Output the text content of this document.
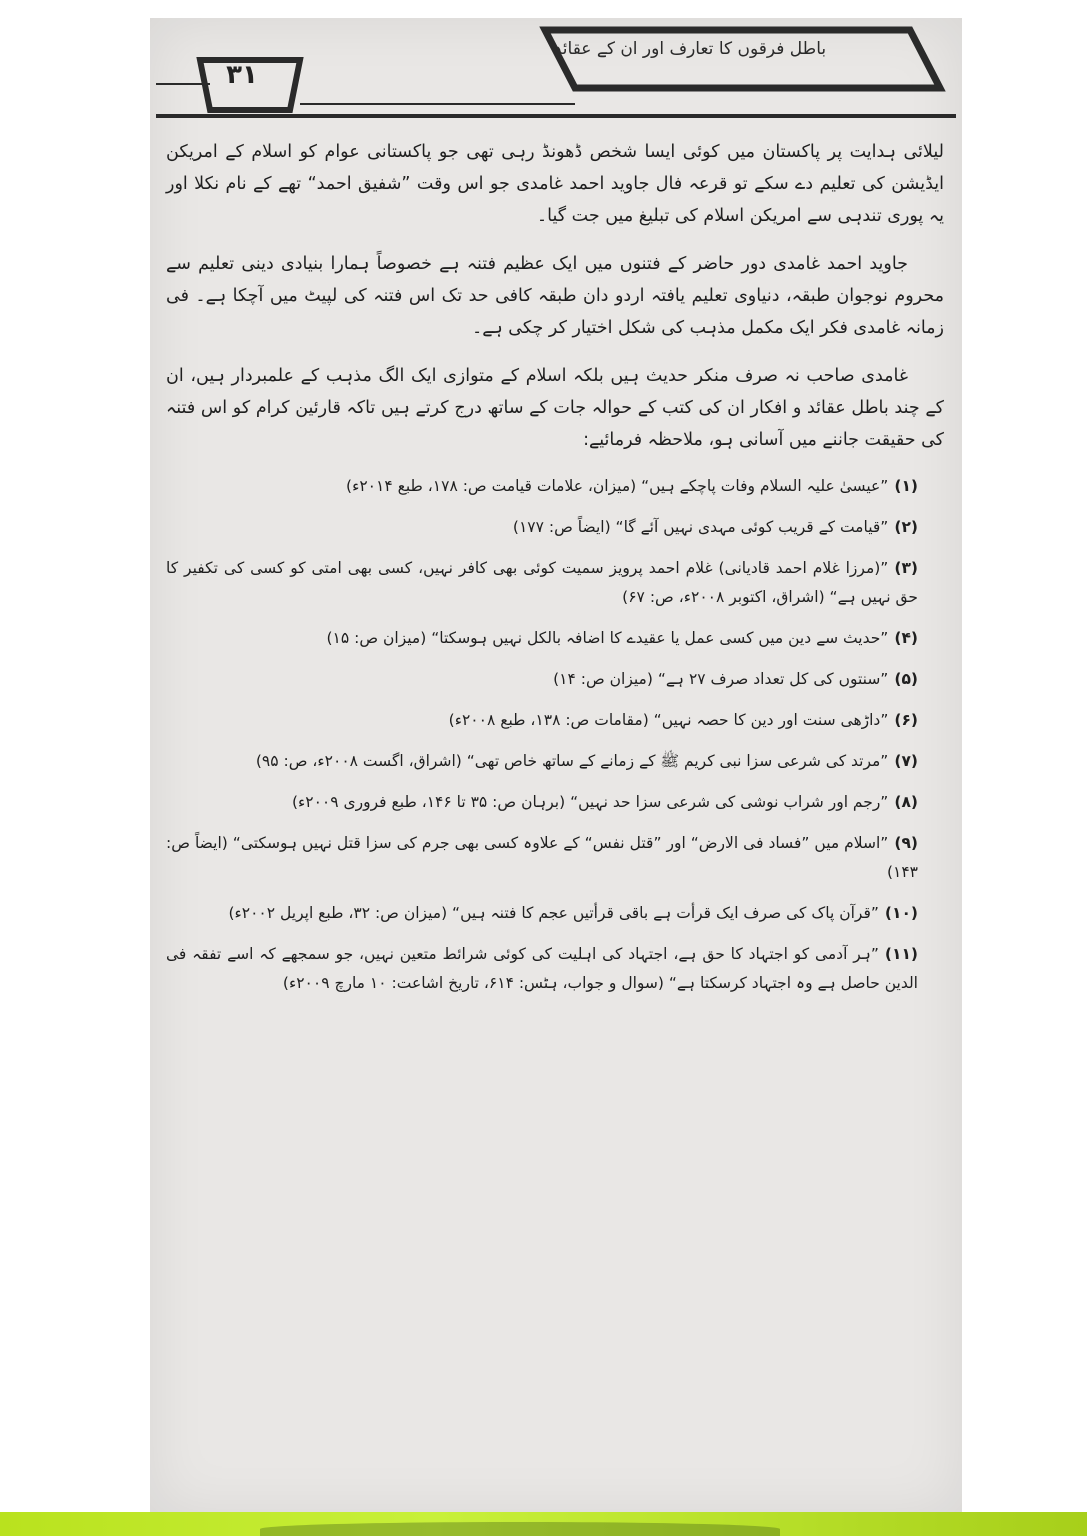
۳۱
باطل فرقوں کا تعارف اور ان کے عقائد

لیلائی ہدایت پر پاکستان میں کوئی ایسا شخص ڈھونڈ رہی تھی جو پاکستانی عوام کو اسلام کے امریکن ایڈیشن کی تعلیم دے سکے تو قرعہ فال جاوید احمد غامدی جو اس وقت ”شفیق احمد“ تھے کے نام نکلا اور یہ پوری تندہی سے امریکن اسلام کی تبلیغ میں جت گیا۔

جاوید احمد غامدی دور حاضر کے فتنوں میں ایک عظیم فتنہ ہے خصوصاً ہمارا بنیادی دینی تعلیم سے محروم نوجوان طبقہ، دنیاوی تعلیم یافتہ اردو دان طبقہ کافی حد تک اس فتنہ کی لپیٹ میں آچکا ہے۔ فی زمانہ غامدی فکر ایک مکمل مذہب کی شکل اختیار کر چکی ہے۔

غامدی صاحب نہ صرف منکر حدیث ہیں بلکہ اسلام کے متوازی ایک الگ مذہب کے علمبردار ہیں، ان کے چند باطل عقائد و افکار ان کی کتب کے حوالہ جات کے ساتھ درج کرتے ہیں تاکہ قارئین کرام کو اس فتنہ کی حقیقت جاننے میں آسانی ہو، ملاحظہ فرمائیے:

(۱)”عیسیٰ علیہ السلام وفات پاچکے ہیں“ (میزان، علامات قیامت ص: ۱۷۸، طبع ۲۰۱۴ء)
(۲)”قیامت کے قریب کوئی مہدی نہیں آئے گا“ (ایضاً ص: ۱۷۷)
(۳)”(مرزا غلام احمد قادیانی) غلام احمد پرویز سمیت کوئی بھی کافر نہیں، کسی بھی امتی کو کسی کی تکفیر کا حق نہیں ہے“ (اشراق، اکتوبر ۲۰۰۸ء، ص: ۶۷)
(۴)”حدیث سے دین میں کسی عمل یا عقیدے کا اضافہ بالکل نہیں ہوسکتا“ (میزان ص: ۱۵)
(۵)”سنتوں کی کل تعداد صرف ۲۷ ہے“ (میزان ص: ۱۴)
(۶)”داڑھی سنت اور دین کا حصہ نہیں“ (مقامات ص: ۱۳۸، طبع ۲۰۰۸ء)
(۷)”مرتد کی شرعی سزا نبی کریم ﷺ کے زمانے کے ساتھ خاص تھی“ (اشراق، اگست ۲۰۰۸ء، ص: ۹۵)
(۸)”رجم اور شراب نوشی کی شرعی سزا حد نہیں“ (برہان ص: ۳۵ تا ۱۴۶، طبع فروری ۲۰۰۹ء)
(۹)”اسلام میں ”فساد فی الارض“ اور ”قتل نفس“ کے علاوہ کسی بھی جرم کی سزا قتل نہیں ہوسکتی“ (ایضاً ص: ۱۴۳)
(۱۰)”قرآن پاک کی صرف ایک قرأت ہے باقی قرأتیں عجم کا فتنہ ہیں“ (میزان ص: ۳۲، طبع اپریل ۲۰۰۲ء)
(۱۱)”ہر آدمی کو اجتہاد کا حق ہے، اجتہاد کی اہلیت کی کوئی شرائط متعین نہیں، جو سمجھے کہ اسے تفقہ فی الدین حاصل ہے وہ اجتہاد کرسکتا ہے“ (سوال و جواب، ہٹس: ۶۱۴، تاریخ اشاعت: ۱۰ مارچ ۲۰۰۹ء)
